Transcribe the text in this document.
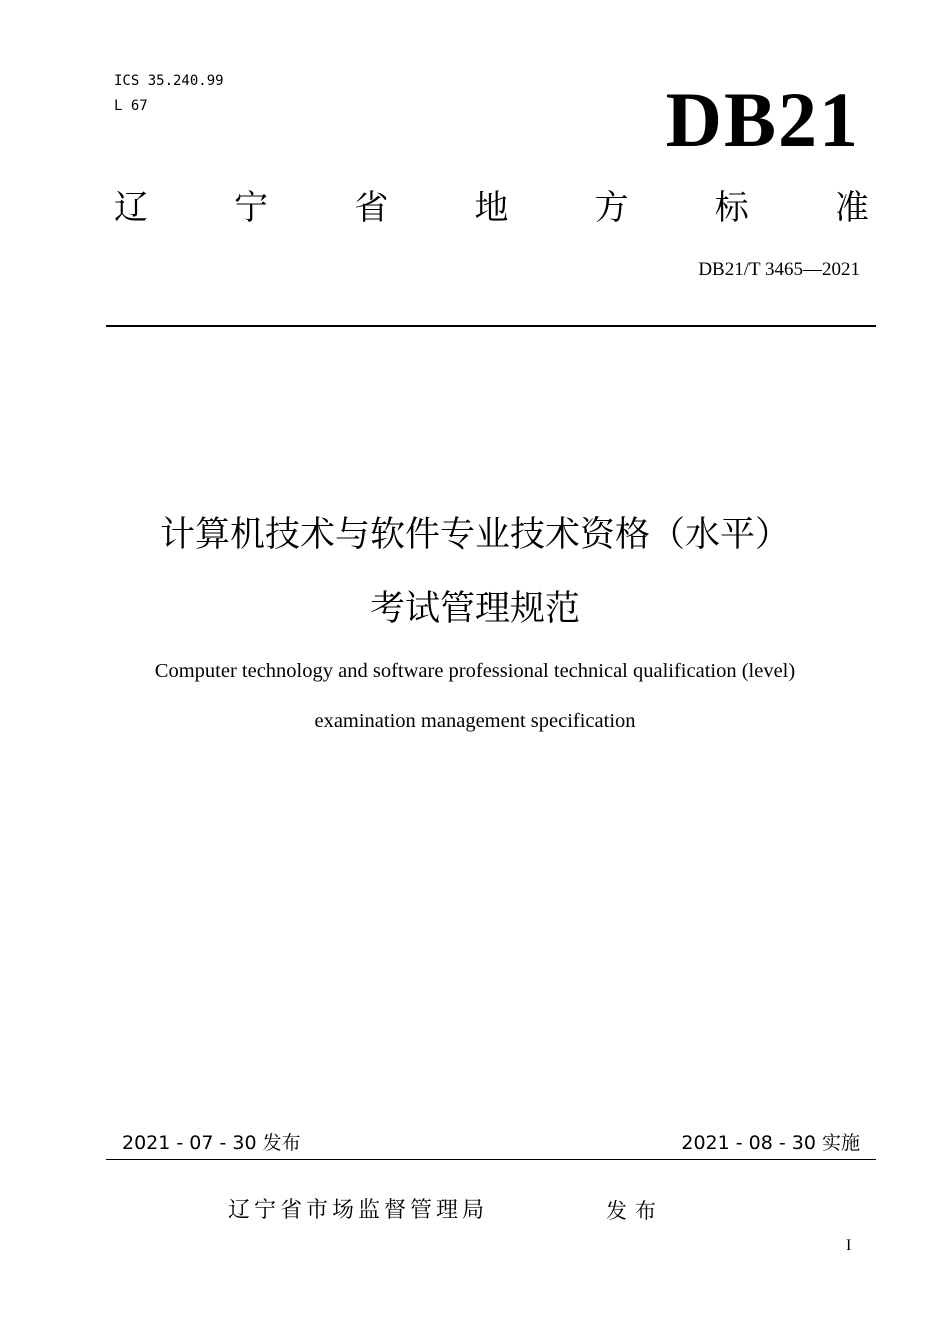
ICS 35.240.99
L 67	DB21
辽	宁	省	地	方	标	准
DB21/T 3465—2021
计算机技术与软件专业技术资格（水平）
考试管理规范
Computer technology and software professional technical qualification (level)
examination management specification
2021 - 07 - 30 发布	2021 - 08 - 30 实施
辽宁省市场监督管理局	发布
I
